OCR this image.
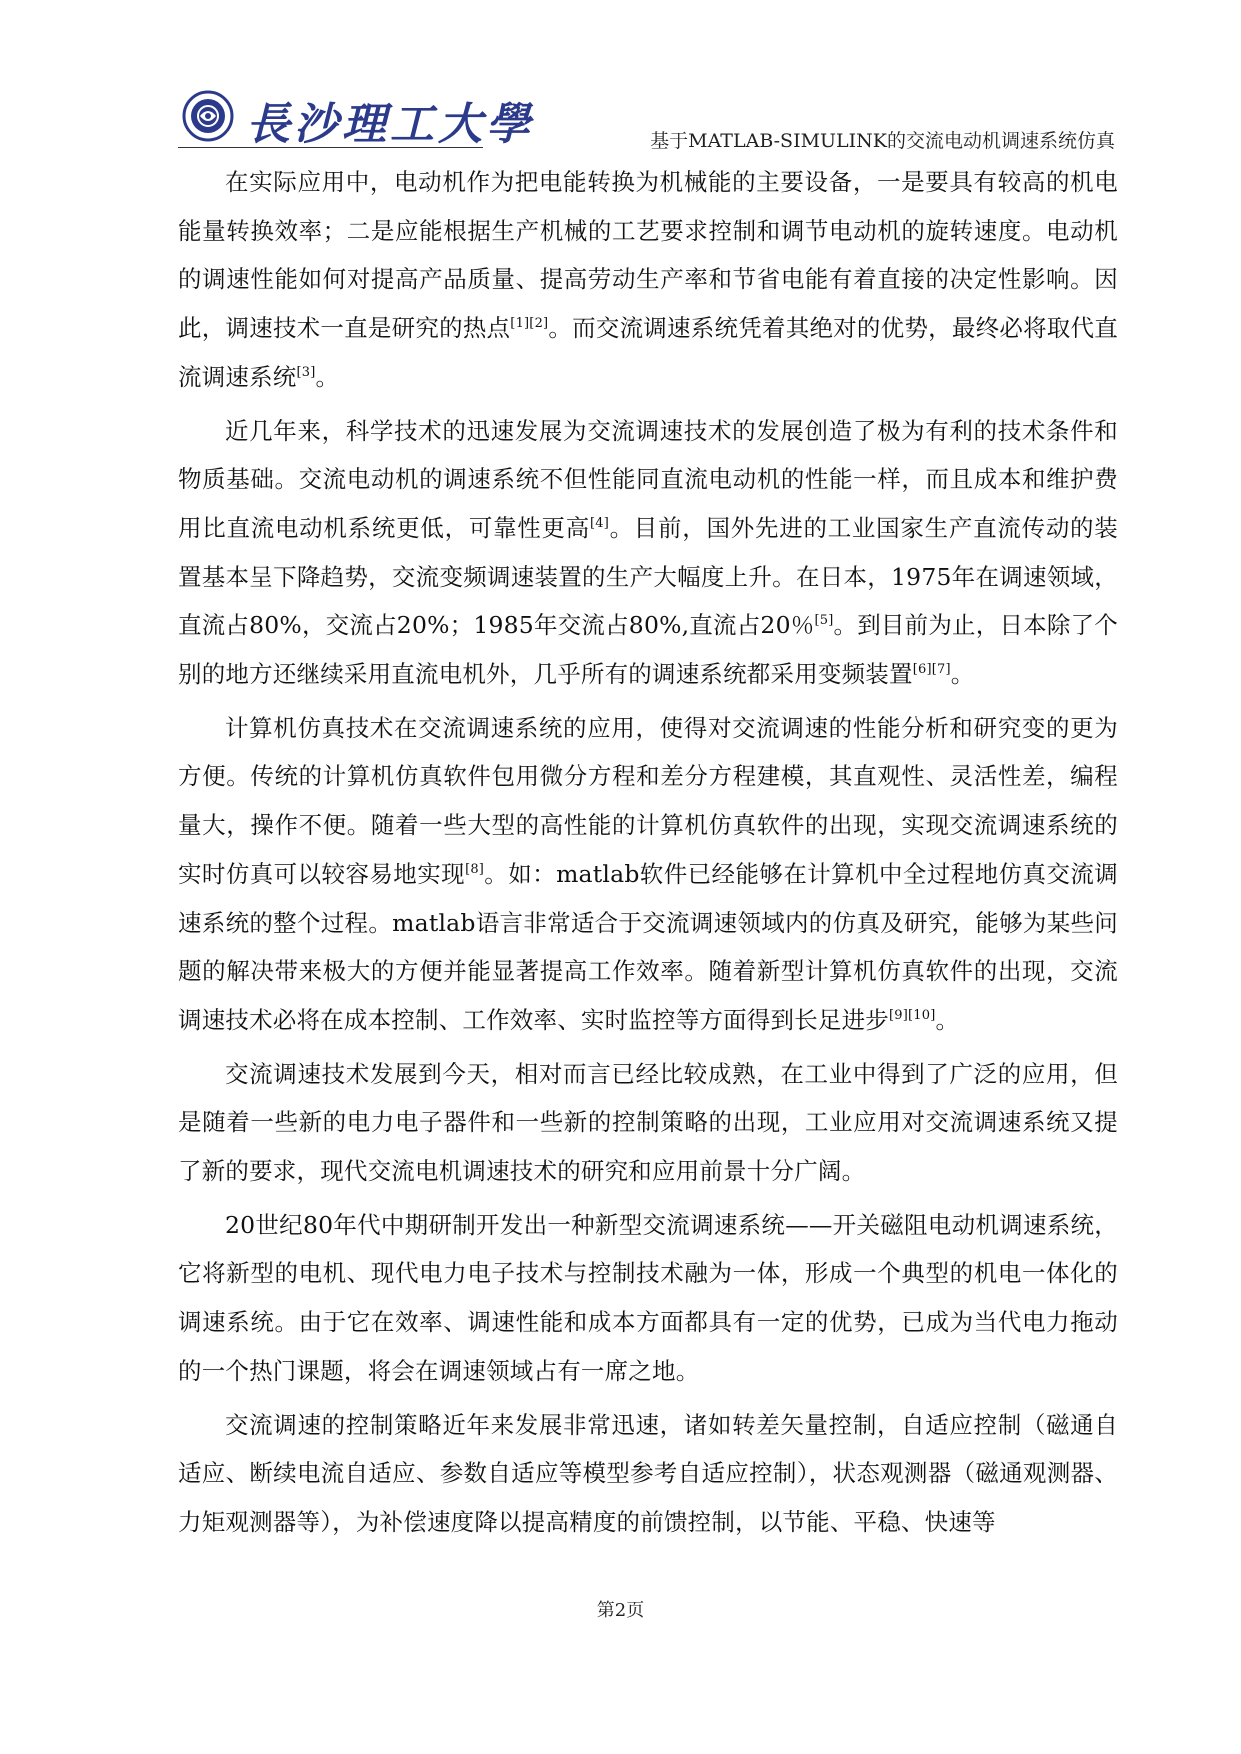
長沙理工大學	基于MATLAB-SIMULINK的交流电动机调速系统仿真

在实际应用中，电动机作为把电能转换为机械能的主要设备，一是要具有较高的机电能量转换效率；二是应能根据生产机械的工艺要求控制和调节电动机的旋转速度。电动机的调速性能如何对提高产品质量、提高劳动生产率和节省电能有着直接的决定性影响。因此，调速技术一直是研究的热点[1][2]。而交流调速系统凭着其绝对的优势，最终必将取代直流调速系统[3]。

近几年来，科学技术的迅速发展为交流调速技术的发展创造了极为有利的技术条件和物质基础。交流电动机的调速系统不但性能同直流电动机的性能一样，而且成本和维护费用比直流电动机系统更低，可靠性更高[4]。目前，国外先进的工业国家生产直流传动的装置基本呈下降趋势，交流变频调速装置的生产大幅度上升。在日本，1975年在调速领域，直流占80%，交流占20%；1985年交流占80%,直流占20％[5]。到目前为止，日本除了个别的地方还继续采用直流电机外，几乎所有的调速系统都采用变频装置[6][7]。

计算机仿真技术在交流调速系统的应用，使得对交流调速的性能分析和研究变的更为方便。传统的计算机仿真软件包用微分方程和差分方程建模，其直观性、灵活性差，编程量大，操作不便。随着一些大型的高性能的计算机仿真软件的出现，实现交流调速系统的实时仿真可以较容易地实现[8]。如：matlab软件已经能够在计算机中全过程地仿真交流调速系统的整个过程。matlab语言非常适合于交流调速领域内的仿真及研究，能够为某些问题的解决带来极大的方便并能显著提高工作效率。随着新型计算机仿真软件的出现，交流调速技术必将在成本控制、工作效率、实时监控等方面得到长足进步[9][10]。

交流调速技术发展到今天，相对而言已经比较成熟，在工业中得到了广泛的应用，但是随着一些新的电力电子器件和一些新的控制策略的出现，工业应用对交流调速系统又提了新的要求，现代交流电机调速技术的研究和应用前景十分广阔。

20世纪80年代中期研制开发出一种新型交流调速系统——开关磁阻电动机调速系统，它将新型的电机、现代电力电子技术与控制技术融为一体，形成一个典型的机电一体化的调速系统。由于它在效率、调速性能和成本方面都具有一定的优势，已成为当代电力拖动的一个热门课题，将会在调速领域占有一席之地。

交流调速的控制策略近年来发展非常迅速，诸如转差矢量控制，自适应控制（磁通自适应、断续电流自适应、参数自适应等模型参考自适应控制），状态观测器（磁通观测器、力矩观测器等），为补偿速度降以提高精度的前馈控制，以节能、平稳、快速等

第2页
